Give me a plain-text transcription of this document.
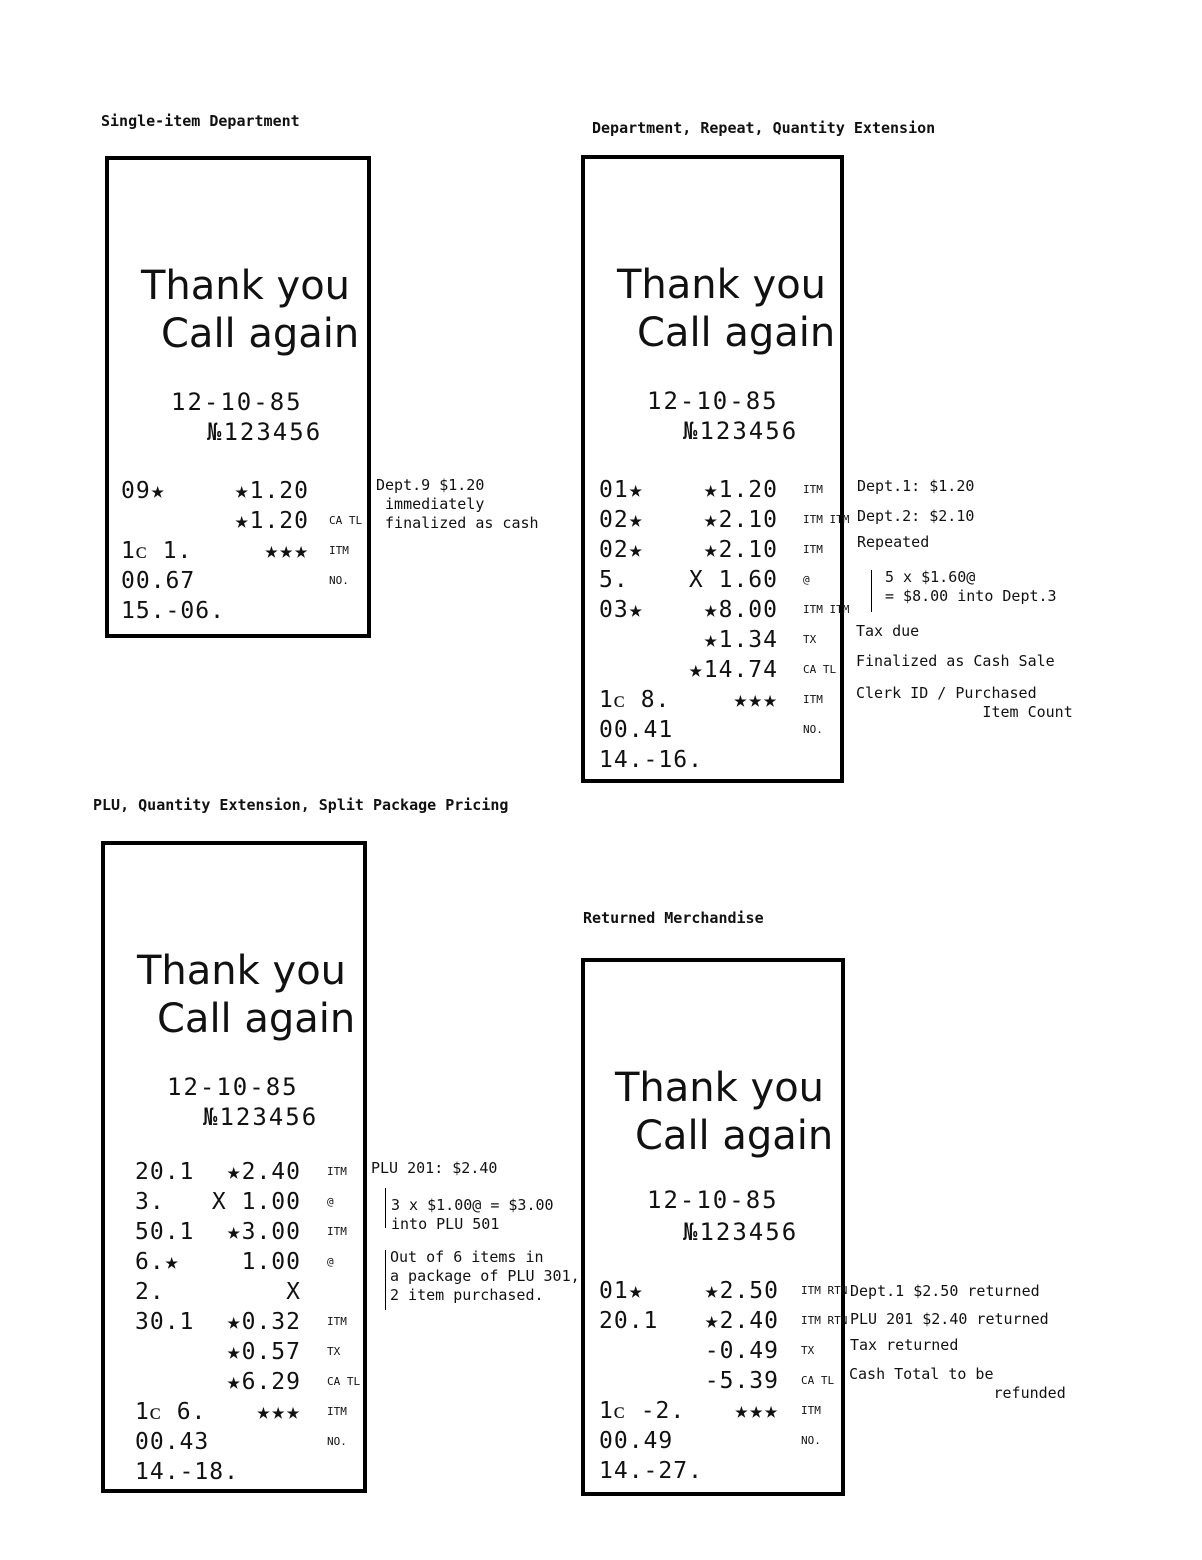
Single-item Department	Department, Repeat, Quantity Extension
PLU, Quantity Extension, Split Package Pricing
Returned Merchandise
Thank you
Call again
12-10-85
№123456
09★	★1.20
★1.20 CA TL
1ᴄ 1.	★★★ ITM
00.67	NO.
15.-06.
Thank you
Call again
12-10-85
№123456
01★	★1.20 ITM
02★	★2.10 ITM ITM
02★	★2.10 ITM
5.	X 1.60 @
03★	★8.00 ITM ITM
★1.34 TX
★14.74 CA TL
1ᴄ 8.	★★★ ITM
00.41	NO.
14.-16.
Thank you
Call again
12-10-85
№123456
20.1 ★2.40 ITM
3. X 1.00 @
50.1 ★3.00 ITM
6.★	1.00 @
2.	X
30.1 ★0.32 ITM
★0.57 TX
★6.29 CA TL
1ᴄ 6. ★★★ ITM
00.43	NO.
14.-18.
Thank you
Call again
12-10-85
№123456
01★	★2.50 ITM RTN
20.1 ★2.40 ITM RTN
-0.49 TX
-5.39 CA TL
1ᴄ -2. ★★★ ITM
00.49	NO.
14.-27.
Dept.9 $1.20
immediately
finalized as cash
Dept.1: $1.20
Dept.2: $2.10
Repeated
5 x $1.60@
= $8.00 into Dept.3
Tax due
Finalized as Cash Sale
Clerk ID / Purchased
Item Count
PLU 201: $2.40
3 x $1.00@ = $3.00
into PLU 501
Out of 6 items in
a package of PLU 301,
2 item purchased.	Dept.1 $2.50 returned
PLU 201 $2.40 returned
Tax returned
Cash Total to be
refunded
